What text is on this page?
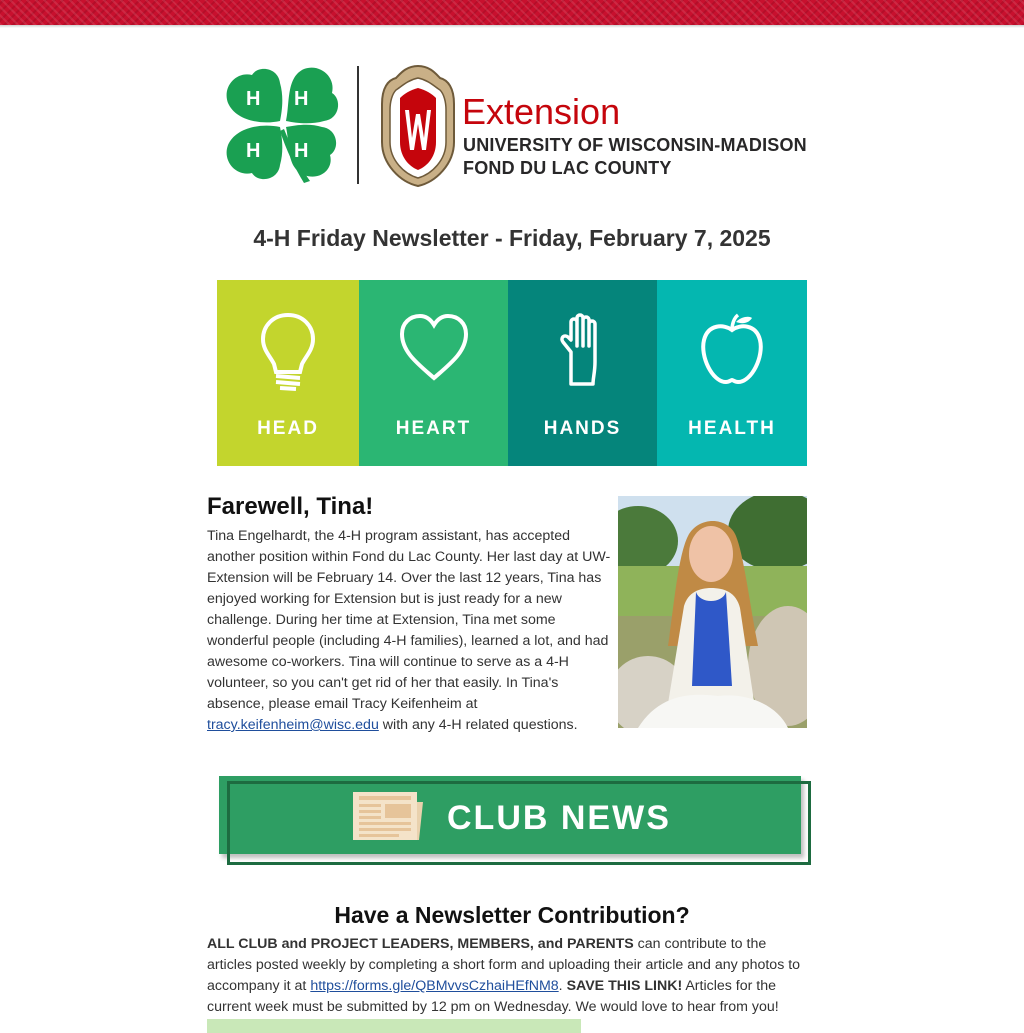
H H
H H
Extension
UNIVERSITY OF WISCONSIN-MADISON
FOND DU LAC COUNTY
4-H Friday Newsletter - Friday, February 7, 2025
HEAD	HEART	HANDS	HEALTH
Farewell, Tina!
Tina Engelhardt, the 4-H program assistant, has accepted another position within Fond du Lac County. Her last day at UW-Extension will be February 14. Over the last 12 years, Tina has enjoyed working for Extension but is just ready for a new challenge. During her time at Extension, Tina met some wonderful people (including 4-H families), learned a lot, and had awesome co-workers. Tina will continue to serve as a 4-H volunteer, so you can't get rid of her that easily. In Tina's absence, please email Tracy Keifenheim at tracy.keifenheim@wisc.edu with any 4-H related questions.
CLUB NEWS
Have a Newsletter Contribution?
ALL CLUB and PROJECT LEADERS, MEMBERS, and PARENTS can contribute to the articles posted weekly by completing a short form and uploading their article and any photos to accompany it at https://forms.gle/QBMvvsCzhaiHEfNM8. SAVE THIS LINK! Articles for the current week must be submitted by 12 pm on Wednesday. We would love to hear from you!
